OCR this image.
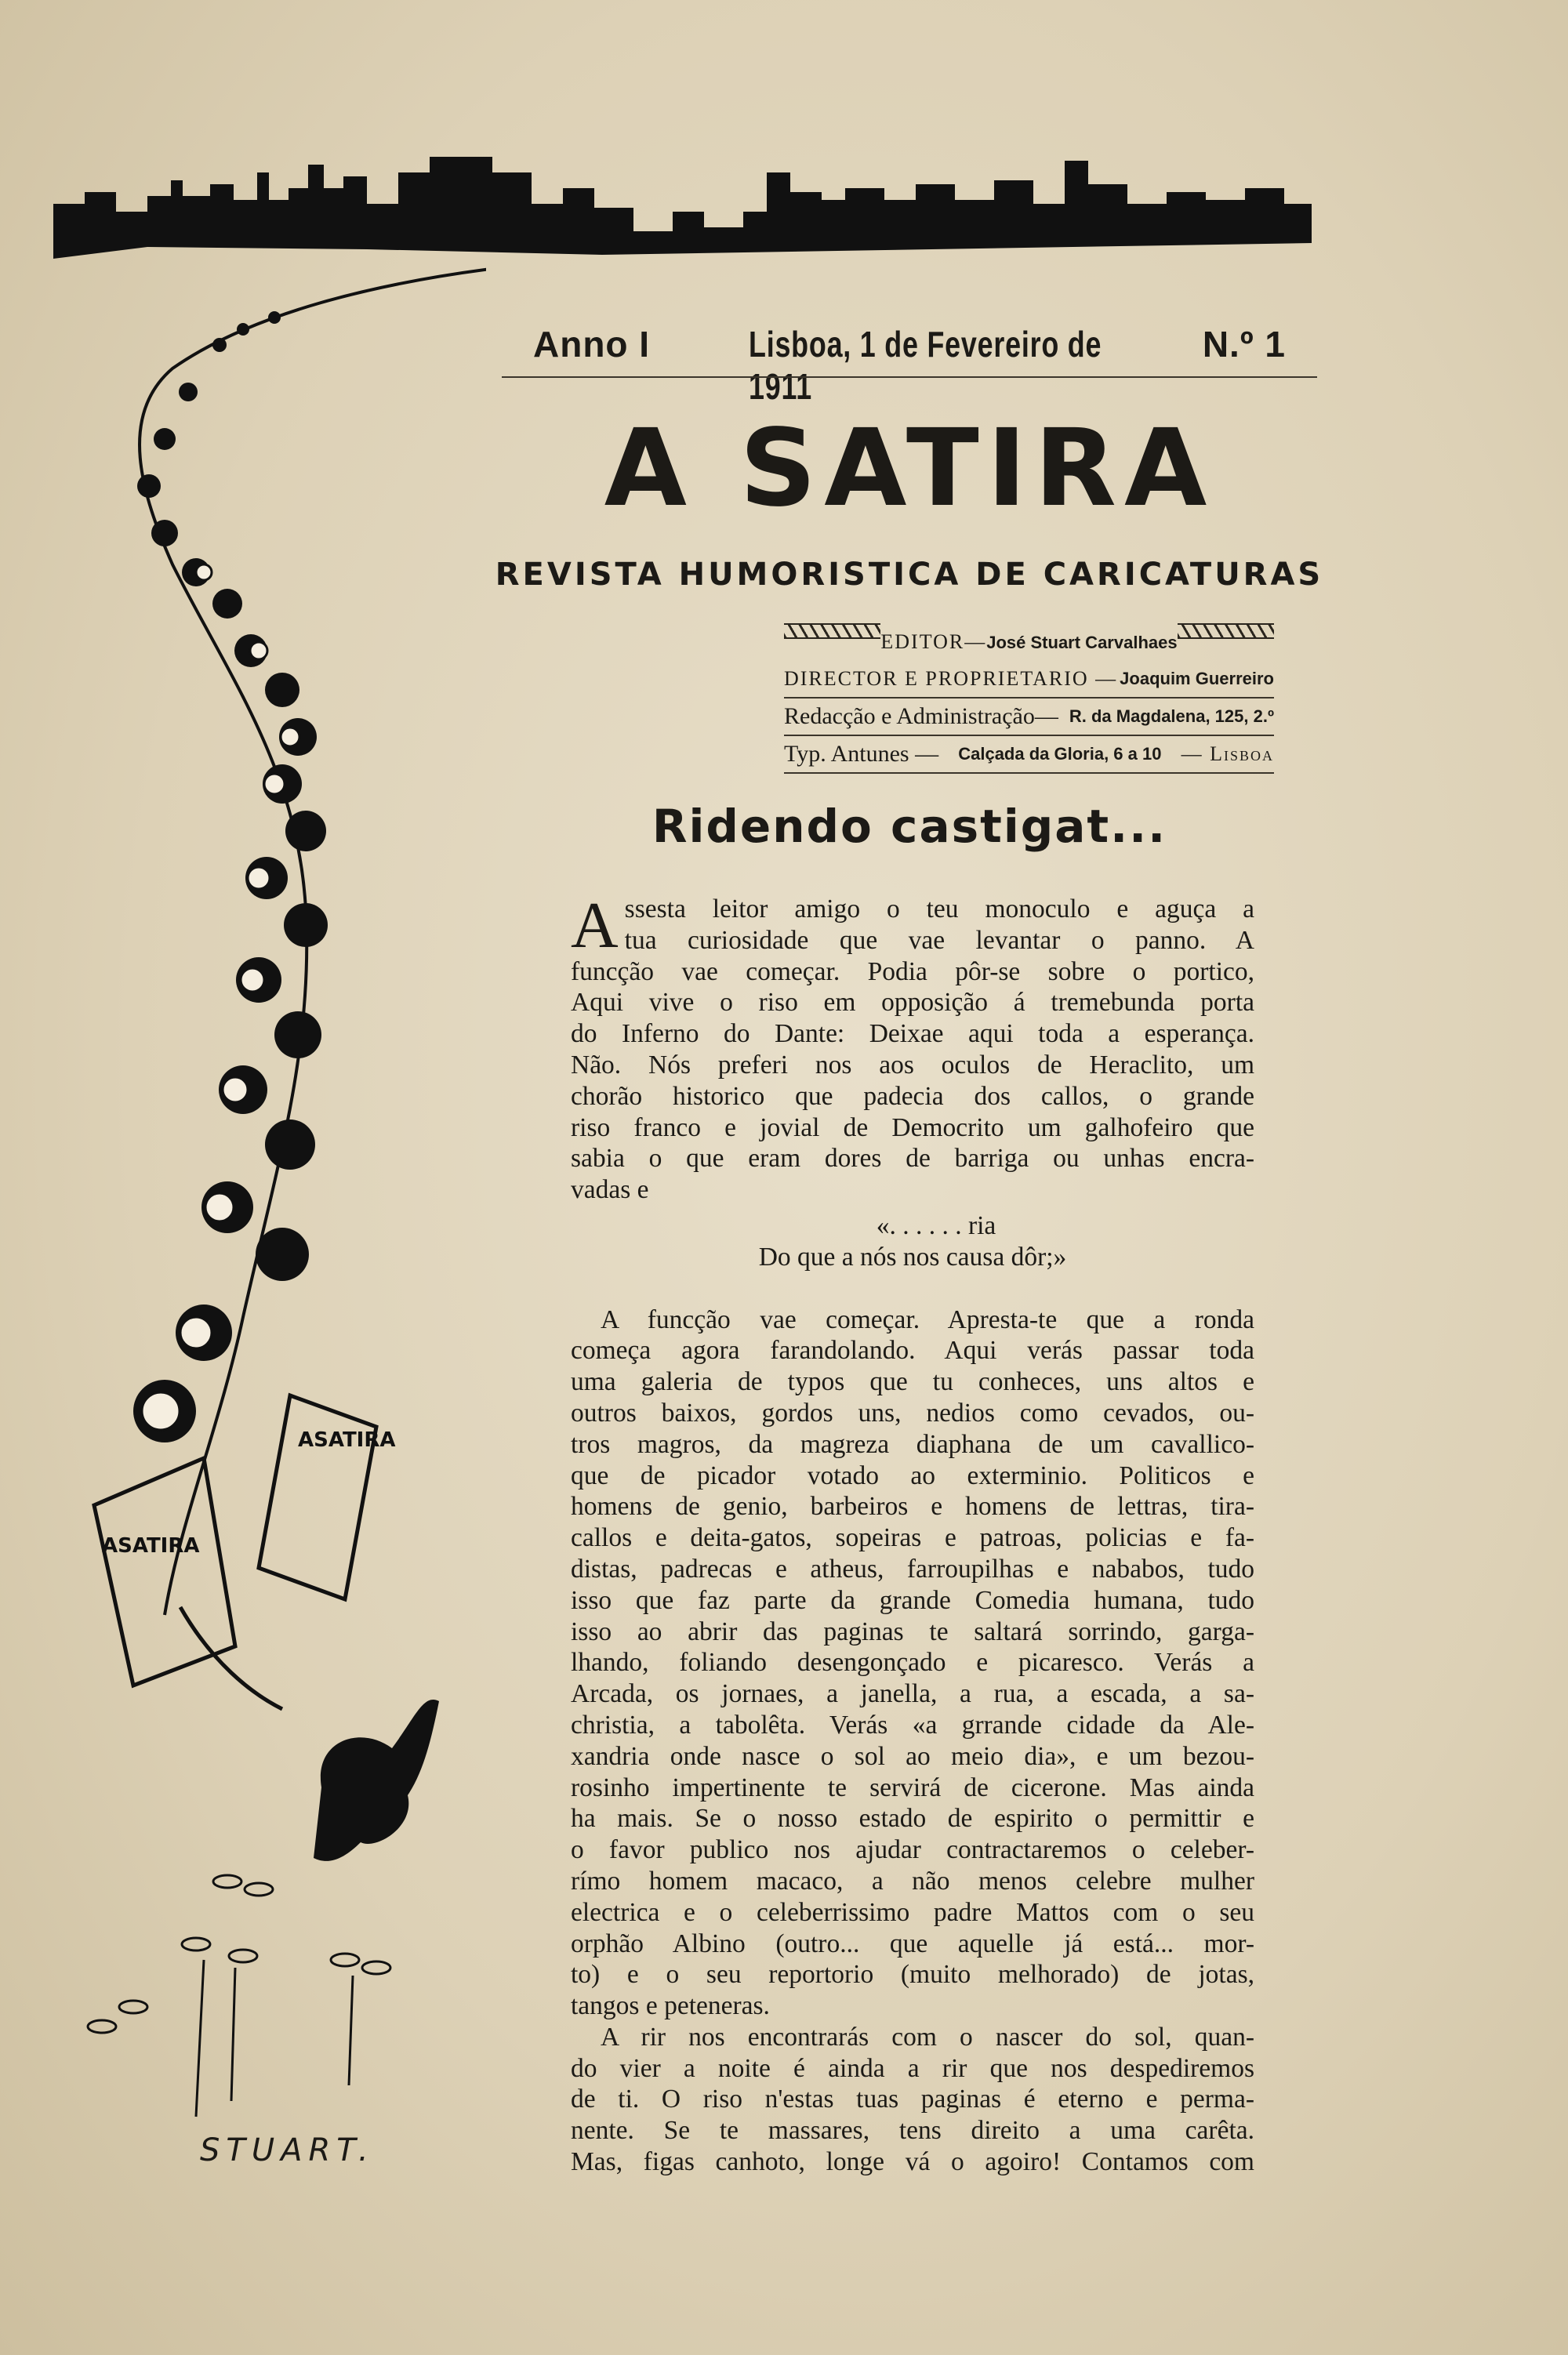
ASATIRA
ASATIRA
STUART.
Anno I	Lisboa, 1 de Fevereiro de 1911
N.º 1
A SATIRA
REVISTA HUMORISTICA DE CARICATURAS
EDITOR—José Stuart Carvalhaes
DIRECTOR E PROPRIETARIO — Joaquim Guerreiro
Redacção e Administração— R. da Magdalena, 125, 2.º
Typ. Antunes — Calçada da Gloria, 6 a 10 — Lisboa
Ridendo castigat...

A ssesta leitor amigo o teu monoculo e aguça a
tua curiosidade que vae levantar o panno. A
funcção vae começar. Podia pôr-se sobre o portico,
Aqui vive o riso em opposição á tremebunda porta
do Inferno do Dante: Deixae aqui toda a esperança.
Não. Nós preferi nos aos oculos de Heraclito, um
chorão historico que padecia dos callos, o grande
riso franco e jovial de Democrito um galhofeiro que
sabia o que eram dores de barriga ou unhas encra-
vadas e

«. . . . . . ria
Do que a nós nos causa dôr;»

A funcção vae começar. Apresta-te que a ronda
começa agora farandolando. Aqui verás passar toda
uma galeria de typos que tu conheces, uns altos e
outros baixos, gordos uns, nedios como cevados, ou-
tros magros, da magreza diaphana de um cavallico-
que de picador votado ao exterminio. Politicos e
homens de genio, barbeiros e homens de lettras, tira-
callos e deita-gatos, sopeiras e patroas, policias e fa-
distas, padrecas e atheus, farroupilhas e nababos, tudo
isso que faz parte da grande Comedia humana, tudo
isso ao abrir das paginas te saltará sorrindo, garga-
lhando, foliando desengonçado e picaresco. Verás a
Arcada, os jornaes, a janella, a rua, a escada, a sa-
christia, a tabolêta. Verás «a grrande cidade da Ale-
xandria onde nasce o sol ao meio dia», e um bezou-
rosinho impertinente te servirá de cicerone. Mas ainda
ha mais. Se o nosso estado de espirito o permittir e
o favor publico nos ajudar contractaremos o celeber-
rímo homem macaco, a não menos celebre mulher
electrica e o celeberrissimo padre Mattos com o seu
orphão Albino (outro... que aquelle já está... mor-
to) e o seu reportorio (muito melhorado) de jotas,
tangos e peteneras.

A rir nos encontrarás com o nascer do sol, quan-
do vier a noite é ainda a rir que nos despediremos
de ti. O riso n'estas tuas paginas é eterno e perma-
nente. Se te massares, tens direito a uma carêta.
Mas, figas canhoto, longe vá o agoiro! Contamos com
